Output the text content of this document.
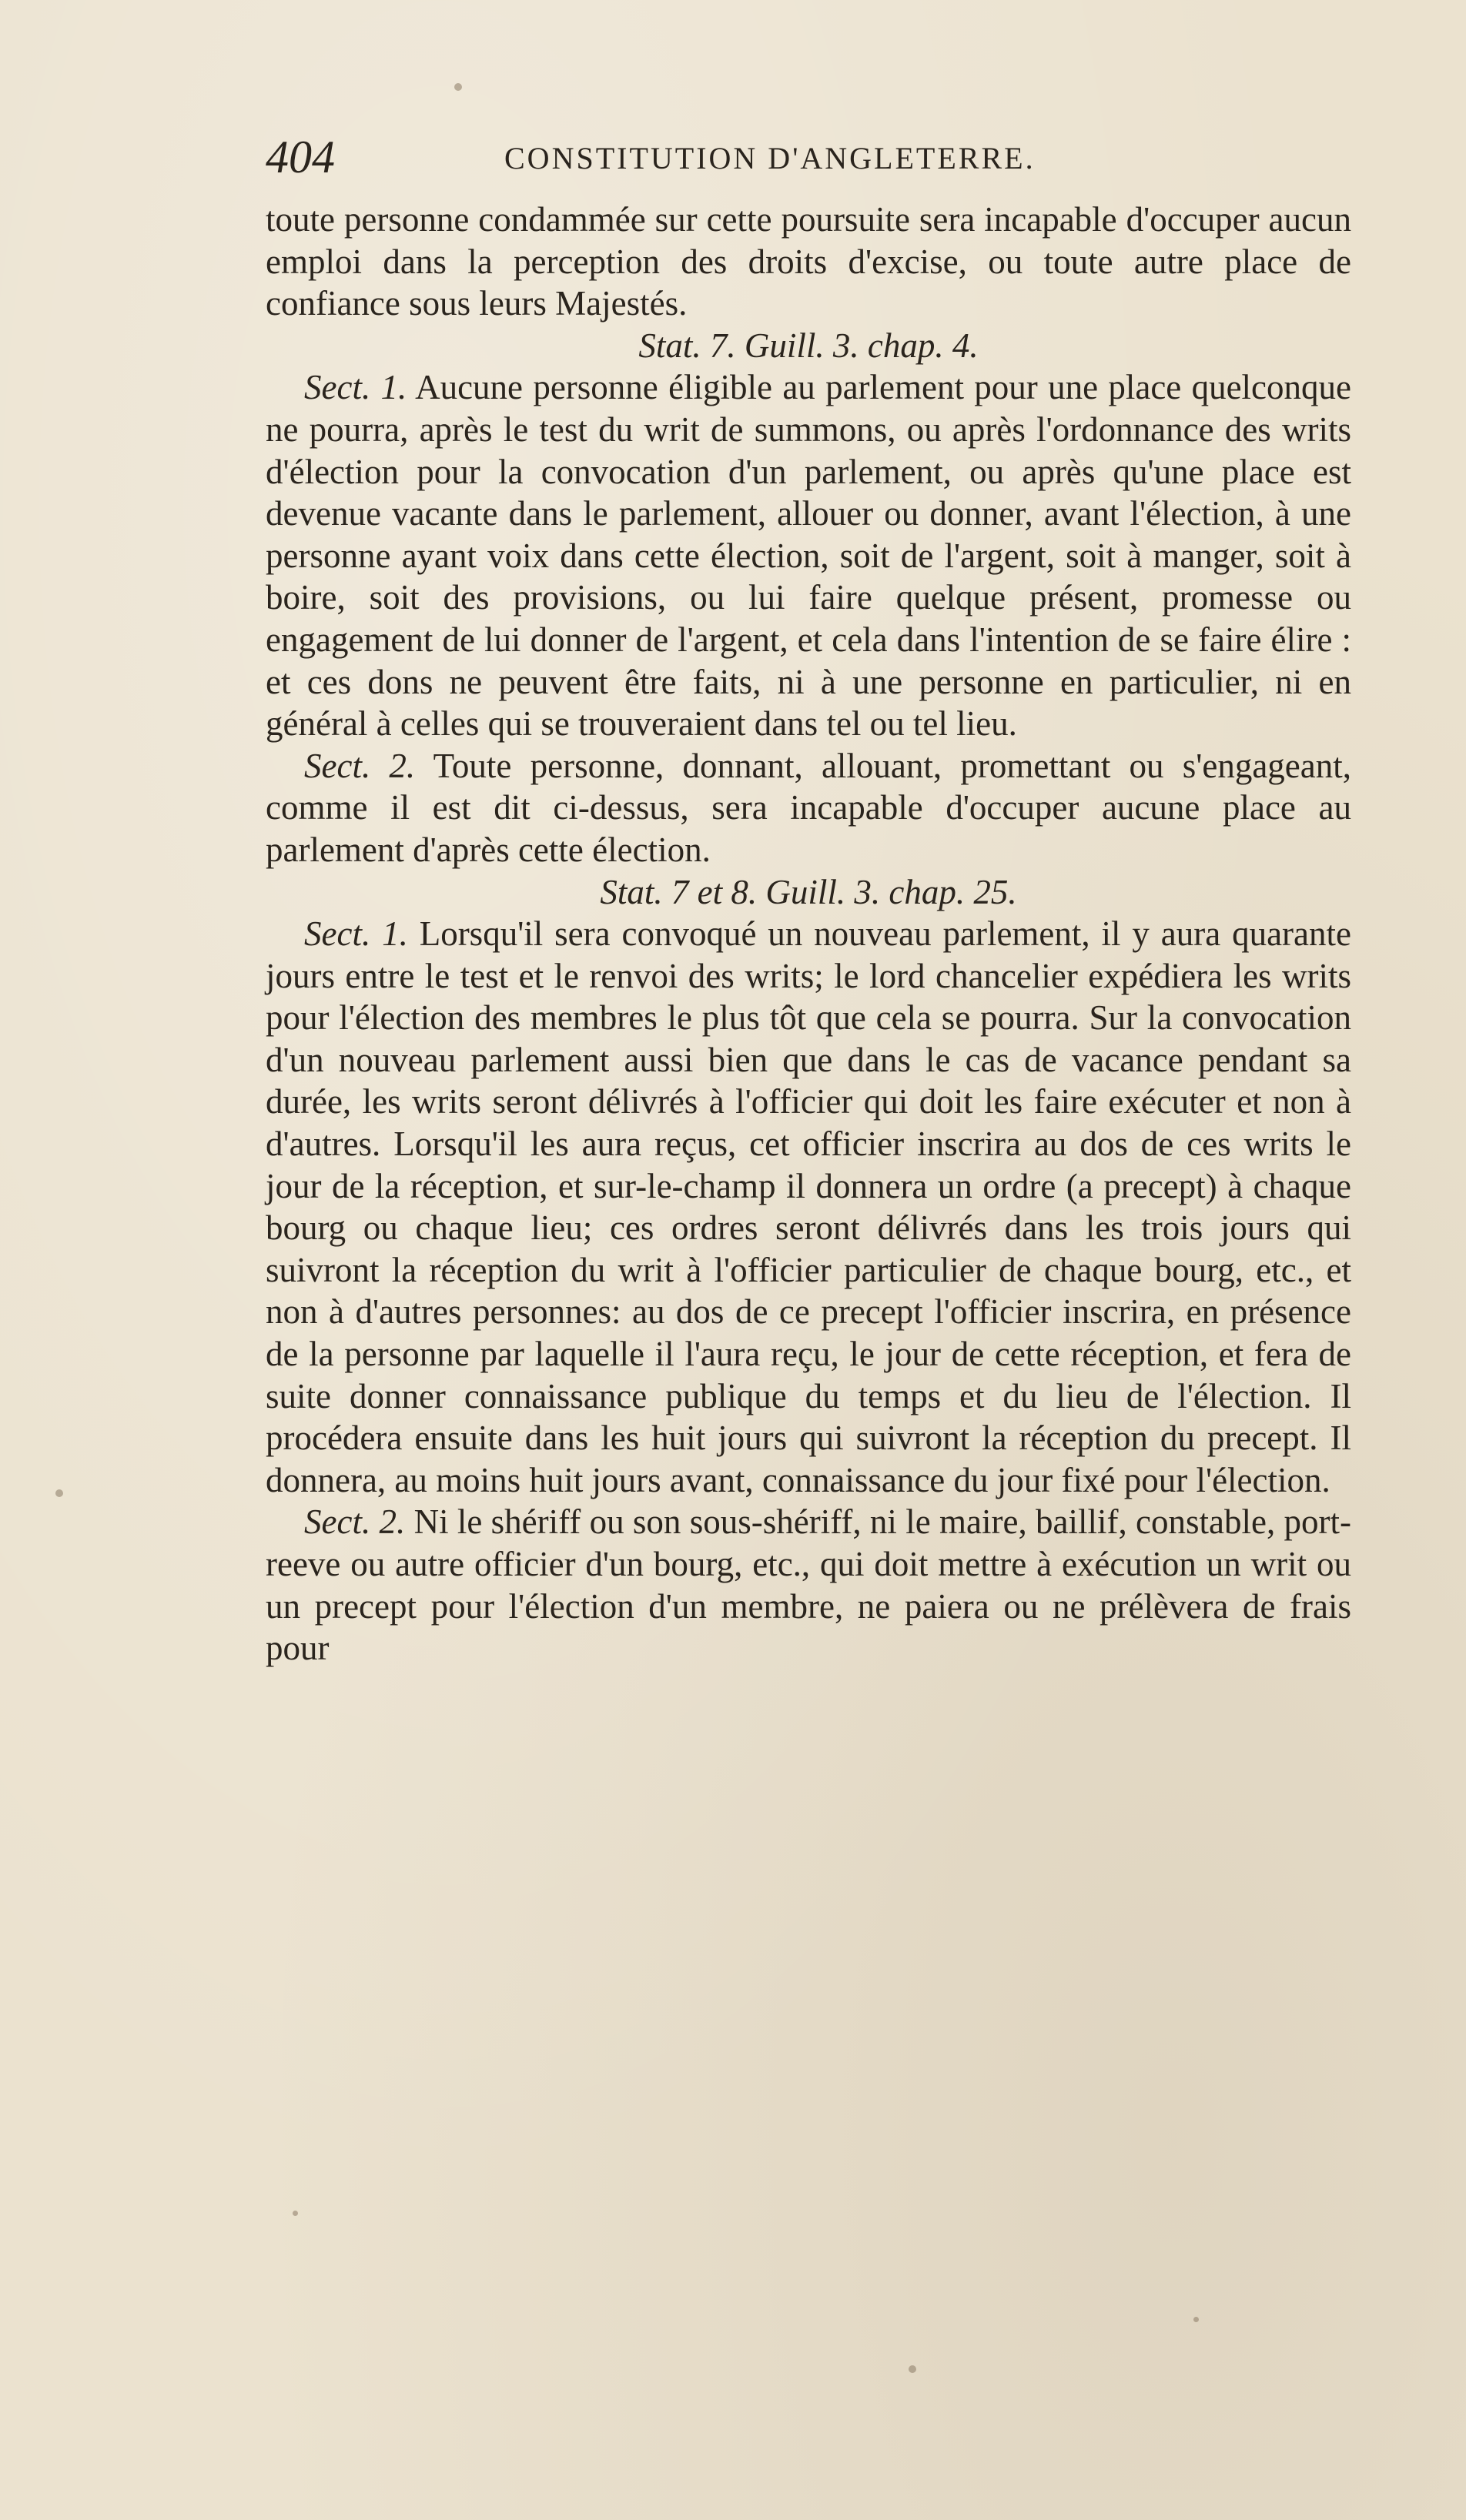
404	CONSTITUTION D'ANGLETERRE.

toute personne condammée sur cette poursuite sera incapable d'occuper aucun emploi dans la perception des droits d'excise, ou toute autre place de confiance sous leurs Majestés.

Stat. 7. Guill. 3. chap. 4.

Sect. 1. Aucune personne éligible au parlement pour une place quelconque ne pourra, après le test du writ de summons, ou après l'ordonnance des writs d'élection pour la convocation d'un parlement, ou après qu'une place est devenue vacante dans le parlement, allouer ou donner, avant l'élection, à une personne ayant voix dans cette élection, soit de l'argent, soit à manger, soit à boire, soit des provisions, ou lui faire quelque présent, promesse ou engagement de lui donner de l'argent, et cela dans l'intention de se faire élire : et ces dons ne peuvent être faits, ni à une personne en particulier, ni en général à celles qui se trouveraient dans tel ou tel lieu.

Sect. 2. Toute personne, donnant, allouant, promettant ou s'engageant, comme il est dit ci-dessus, sera incapable d'occuper aucune place au parlement d'après cette élection.

Stat. 7 et 8. Guill. 3. chap. 25.

Sect. 1. Lorsqu'il sera convoqué un nouveau parlement, il y aura quarante jours entre le test et le renvoi des writs; le lord chancelier expédiera les writs pour l'élection des membres le plus tôt que cela se pourra. Sur la convocation d'un nouveau parlement aussi bien que dans le cas de vacance pendant sa durée, les writs seront délivrés à l'officier qui doit les faire exécuter et non à d'autres. Lorsqu'il les aura reçus, cet officier inscrira au dos de ces writs le jour de la réception, et sur-le-champ il donnera un ordre (a precept) à chaque bourg ou chaque lieu; ces ordres seront délivrés dans les trois jours qui suivront la réception du writ à l'officier particulier de chaque bourg, etc., et non à d'autres personnes: au dos de ce precept l'officier inscrira, en présence de la personne par laquelle il l'aura reçu, le jour de cette réception, et fera de suite donner connaissance publique du temps et du lieu de l'élection. Il procédera ensuite dans les huit jours qui suivront la réception du precept. Il donnera, au moins huit jours avant, connaissance du jour fixé pour l'élection.

Sect. 2. Ni le shériff ou son sous-shériff, ni le maire, baillif, constable, port-reeve ou autre officier d'un bourg, etc., qui doit mettre à exécution un writ ou un precept pour l'élection d'un membre, ne paiera ou ne prélèvera de frais pour
